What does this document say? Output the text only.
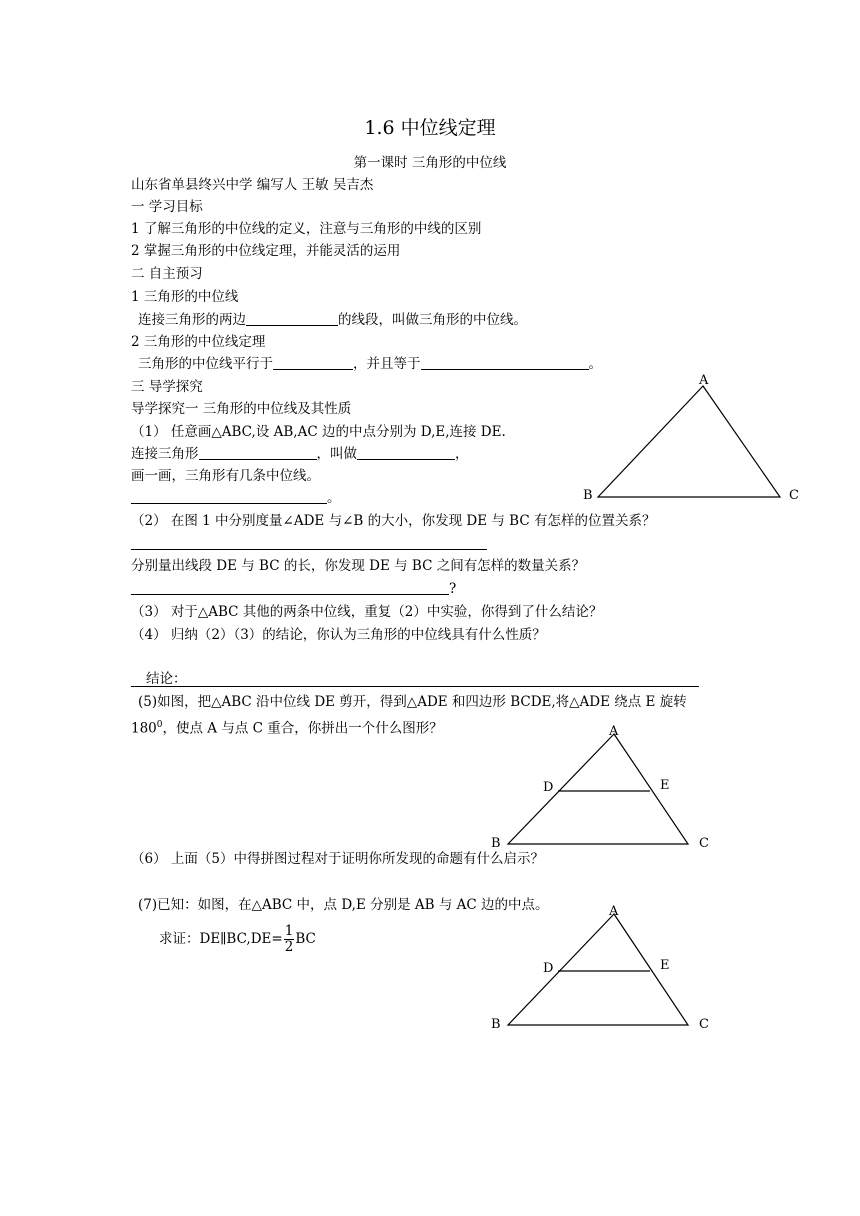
1.6 中位线定理
第一课时 三角形的中位线
山东省单县终兴中学 编写人 王敏 吴吉杰
一 学习目标
1 了解三角形的中位线的定义，注意与三角形的中线的区别
2 掌握三角形的中位线定理，并能灵活的运用
二 自主预习
1 三角形的中位线
连接三角形的两边	的线段，叫做三角形的中位线。
2 三角形的中位线定理
三角形的中位线平行于	，并且等于	。
三 导学探究
导学探究一 三角形的中位线及其性质
（1） 任意画△ABC,设 AB,AC 边的中点分别为 D,E,连接 DE.
连接三角形	，叫做	，
画一画，三角形有几条中位线。
。
（2） 在图 1 中分别度量∠ADE 与∠B 的大小，你发现 DE 与 BC 有怎样的位置关系？
分别量出线段 DE 与 BC 的长，你发现 DE 与 BC 之间有怎样的数量关系？
?
（3） 对于△ABC 其他的两条中位线，重复（2）中实验，你得到了什么结论？
（4） 归纳（2）（3）的结论，你认为三角形的中位线具有什么性质？
结论：
(5)如图，把△ABC 沿中位线 DE 剪开，得到△ADE 和四边形 BCDE,将△ADE 绕点 E 旋转
$180^0$，使点 A 与点 C 重合，你拼出一个什么图形？
（6） 上面（5）中得拼图过程对于证明你所发现的命题有什么启示？
(7)已知：如图，在△ABC 中，点 D,E 分别是 AB 与 AC 边的中点。
求证：DE∥BC,DE= $\frac{1}{2}$ BC
A
B	C
A
D	E
B	C
A
D	E
B	C
